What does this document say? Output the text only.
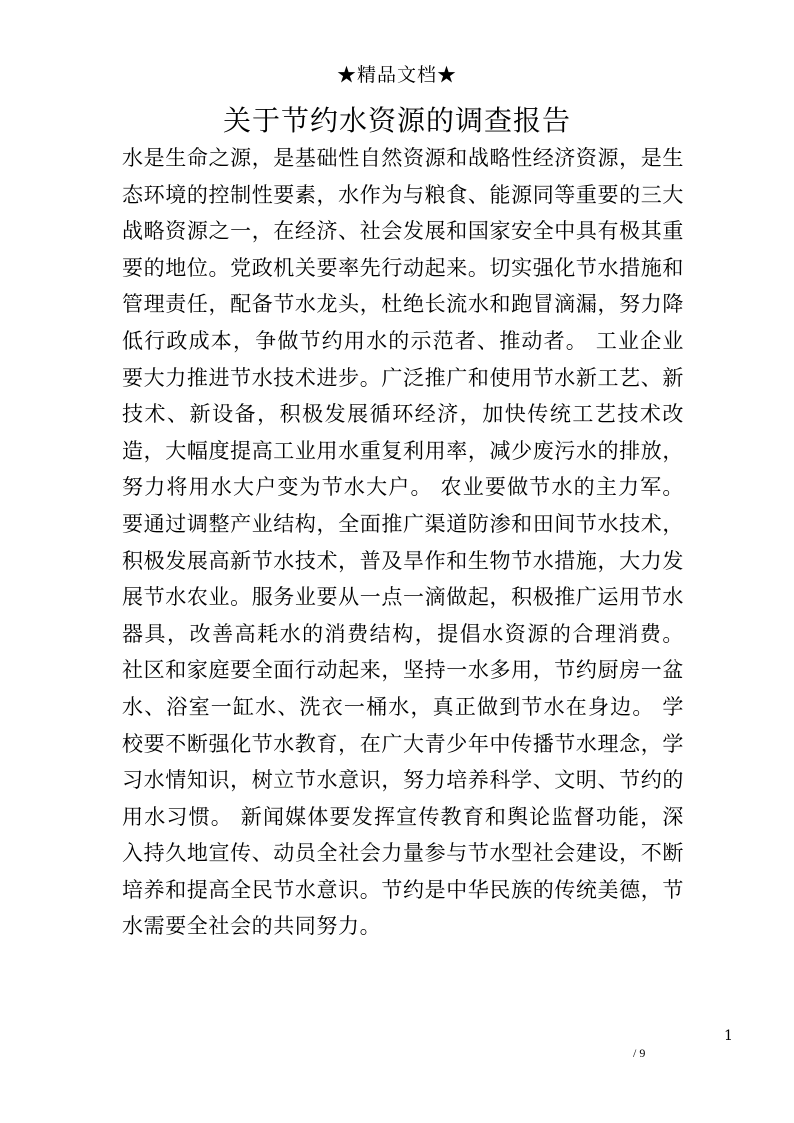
★精品文档★
关于节约水资源的调查报告

水是生命之源，是基础性自然资源和战略性经济资源，是生态环境的控制性要素，水作为与粮食、能源同等重要的三大战略资源之一，在经济、社会发展和国家安全中具有极其重要的地位。党政机关要率先行动起来。切实强化节水措施和管理责任，配备节水龙头，杜绝长流水和跑冒滴漏，努力降低行政成本，争做节约用水的示范者、推动者。 工业企业要大力推进节水技术进步。广泛推广和使用节水新工艺、新技术、新设备，积极发展循环经济，加快传统工艺技术改造，大幅度提高工业用水重复利用率，减少废污水的排放，努力将用水大户变为节水大户。 农业要做节水的主力军。要通过调整产业结构，全面推广渠道防渗和田间节水技术，积极发展高新节水技术，普及旱作和生物节水措施，大力发展节水农业。服务业要从一点一滴做起，积极推广运用节水器具，改善高耗水的消费结构，提倡水资源的合理消费。 社区和家庭要全面行动起来，坚持一水多用，节约厨房一盆水、浴室一缸水、洗衣一桶水，真正做到节水在身边。 学校要不断强化节水教育，在广大青少年中传播节水理念，学习水情知识，树立节水意识，努力培养科学、文明、节约的用水习惯。 新闻媒体要发挥宣传教育和舆论监督功能，深入持久地宣传、动员全社会力量参与节水型社会建设，不断培养和提高全民节水意识。节约是中华民族的传统美德，节水需要全社会的共同努力。

1
/ 9
